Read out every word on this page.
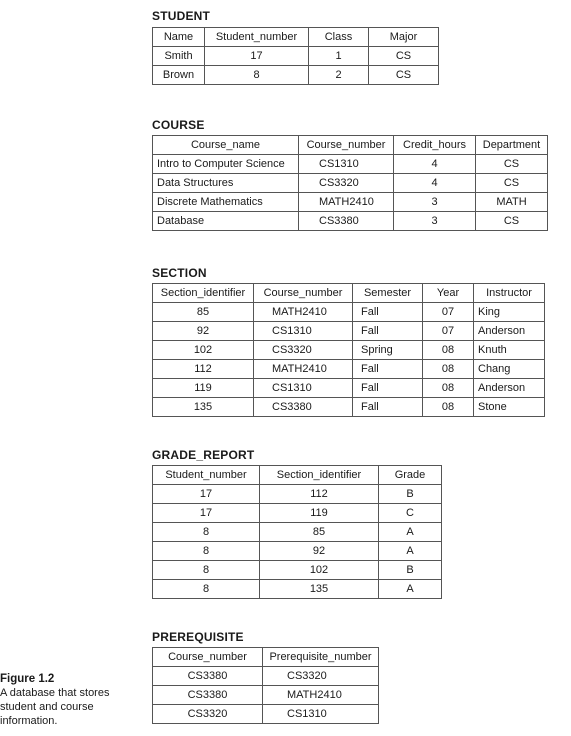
STUDENT
Name	Student_number	Class	Major
Smith	17	1	CS
Brown	8	2	CS
COURSE
Course_name	Course_number	Credit_hours	Department
Intro to Computer Science	CS1310	4	CS
Data Structures	CS3320	4	CS
Discrete Mathematics	MATH2410	3	MATH
Database	CS3380	3	CS
SECTION
Section_identifier	Course_number	Semester	Year	Instructor
85	MATH2410	Fall	07	King
92	CS1310	Fall	07	Anderson
102	CS3320	Spring	08	Knuth
112	MATH2410	Fall	08	Chang
119	CS1310	Fall	08	Anderson
135	CS3380	Fall	08	Stone
GRADE_REPORT
Student_number	Section_identifier	Grade
17	112	B
17	119	C
8	85	A
8	92	A
8	102	B
8	135	A
PREREQUISITE
Course_number	Prerequisite_number
CS3380	CS3320
CS3380	MATH2410
CS3320	CS1310
Figure 1.2
A database that stores
student and course
information.
